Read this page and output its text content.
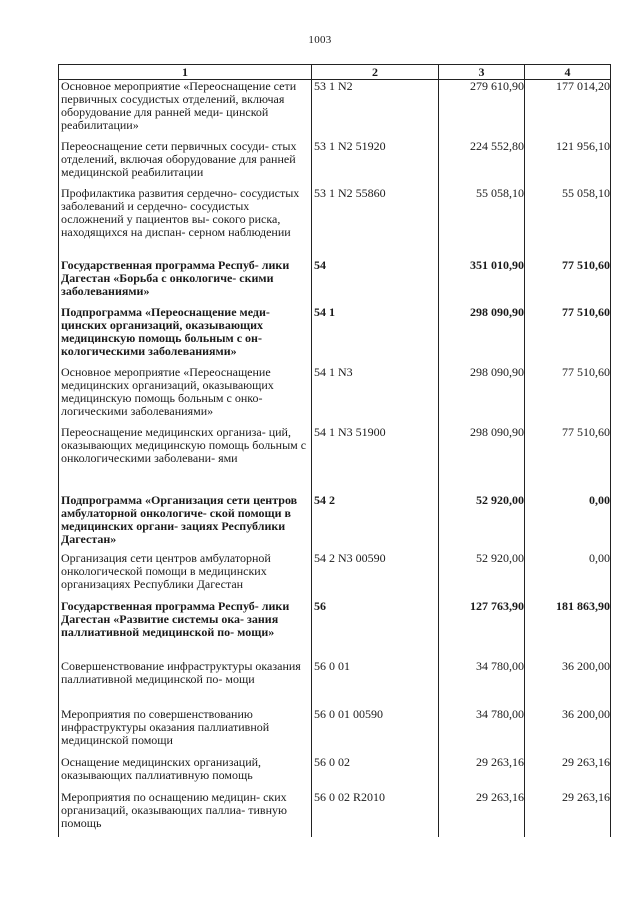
1003
1	2	3	4
Основное мероприятие «Переоснащение сети первичных сосудистых отделений, включая оборудование для ранней меди- цинской реабилитации»	53 1 N2	279 610,90	177 014,20
Переоснащение сети первичных сосуди- стых отделений, включая оборудование для ранней медицинской реабилитации	53 1 N2 51920	224 552,80	121 956,10
Профилактика развития сердечно- сосудистых заболеваний и сердечно- сосудистых осложнений у пациентов вы- сокого риска, находящихся на диспан- серном наблюдении	53 1 N2 55860	55 058,10	55 058,10
Государственная программа Респуб- лики Дагестан «Борьба с онкологиче- скими заболеваниями»	54	351 010,90	77 510,60
Подпрограмма «Переоснащение меди- цинских организаций, оказывающих медицинскую помощь больным с он- кологическими заболеваниями»	54 1	298 090,90	77 510,60
Основное мероприятие «Переоснащение медицинских организаций, оказывающих медицинскую помощь больным с онко- логическими заболеваниями»	54 1 N3	298 090,90	77 510,60
Переоснащение медицинских организа- ций, оказывающих медицинскую помощь больным с онкологическими заболевани- ями	54 1 N3 51900	298 090,90	77 510,60
Подпрограмма «Организация сети центров амбулаторной онкологиче- ской помощи в медицинских органи- зациях Республики Дагестан»	54 2	52 920,00	0,00
Организация сети центров амбулаторной онкологической помощи в медицинских организациях Республики Дагестан	54 2 N3 00590	52 920,00	0,00
Государственная программа Респуб- лики Дагестан «Развитие системы ока- зания паллиативной медицинской по- мощи»	56	127 763,90	181 863,90
Совершенствование инфраструктуры оказания паллиативной медицинской по- мощи	56 0 01	34 780,00	36 200,00
Мероприятия по совершенствованию инфраструктуры оказания паллиативной медицинской помощи	56 0 01 00590	34 780,00	36 200,00
Оснащение медицинских организаций, оказывающих паллиативную помощь	56 0 02	29 263,16	29 263,16
Мероприятия по оснащению медицин- ских организаций, оказывающих паллиа- тивную помощь	56 0 02 R2010	29 263,16	29 263,16
